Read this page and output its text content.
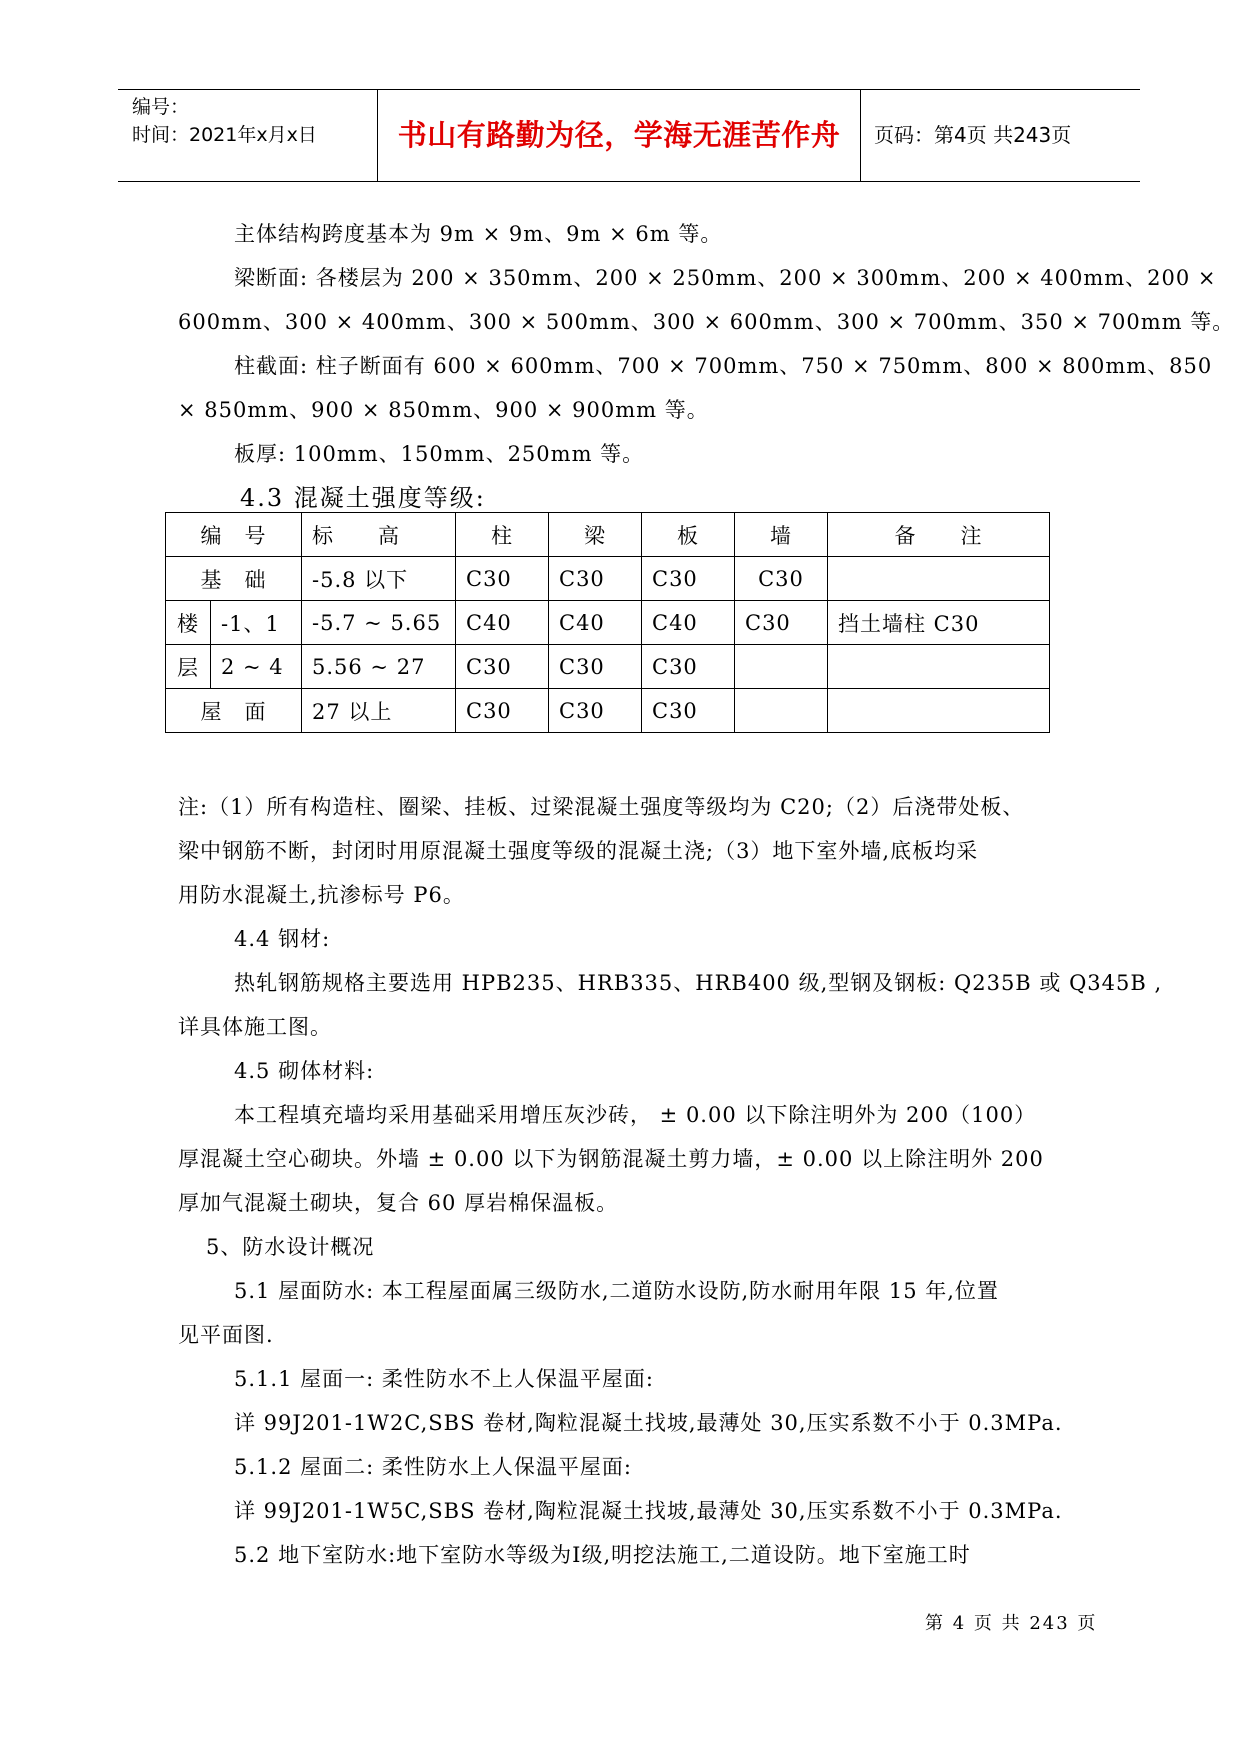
编号：
时间：2021年x月x日	书山有路勤为径，学海无涯苦作舟	页码：第4页 共243页
主体结构跨度基本为 9m × 9m、9m × 6m 等。
梁断面: 各楼层为 200 × 350mm、200 × 250mm、200 × 300mm、200 × 400mm、200 ×
600mm、300 × 400mm、300 × 500mm、300 × 600mm、300 × 700mm、350 × 700mm 等。
柱截面: 柱子断面有 600 × 600mm、700 × 700mm、750 × 750mm、800 × 800mm、850
× 850mm、900 × 850mm、900 × 900mm 等。
板厚: 100mm、150mm、250mm 等。
4.3 混凝土强度等级:
编　号		标　　高	柱	梁	板	墙	备　　注
基　础		-5.8 以下	C30	C30	C30	C30	
楼	-1、1	-5.7 ~ 5.65	C40	C40	C40	C30	挡土墙柱 C30
层	2 ~ 4	5.56 ~ 27	C30	C30	C30		
屋　面		27 以上	C30	C30	C30		
注:（1）所有构造柱、圈梁、挂板、过梁混凝土强度等级均为 C20;（2）后浇带处板、
梁中钢筋不断，封闭时用原混凝土强度等级的混凝土浇;（3）地下室外墙,底板均采
用防水混凝土,抗渗标号 P6。
4.4 钢材:
热轧钢筋规格主要选用 HPB235、HRB335、HRB400 级,型钢及钢板: Q235B 或 Q345B ,
详具体施工图。
4.5 砌体材料:
本工程填充墙均采用基础采用增压灰沙砖， ± 0.00 以下除注明外为 200（100）
厚混凝土空心砌块。外墙 ± 0.00 以下为钢筋混凝土剪力墙，± 0.00 以上除注明外 200
厚加气混凝土砌块，复合 60 厚岩棉保温板。
5、防水设计概况
5.1 屋面防水: 本工程屋面属三级防水,二道防水设防,防水耐用年限 15 年,位置
见平面图.
5.1.1 屋面一: 柔性防水不上人保温平屋面:
详 99J201-1W2C,SBS 卷材,陶粒混凝土找坡,最薄处 30,压实系数不小于 0.3MPa.
5.1.2 屋面二: 柔性防水上人保温平屋面:
详 99J201-1W5C,SBS 卷材,陶粒混凝土找坡,最薄处 30,压实系数不小于 0.3MPa.
5.2 地下室防水:地下室防水等级为Ⅰ级,明挖法施工,二道设防。地下室施工时
第 4 页 共 243 页
